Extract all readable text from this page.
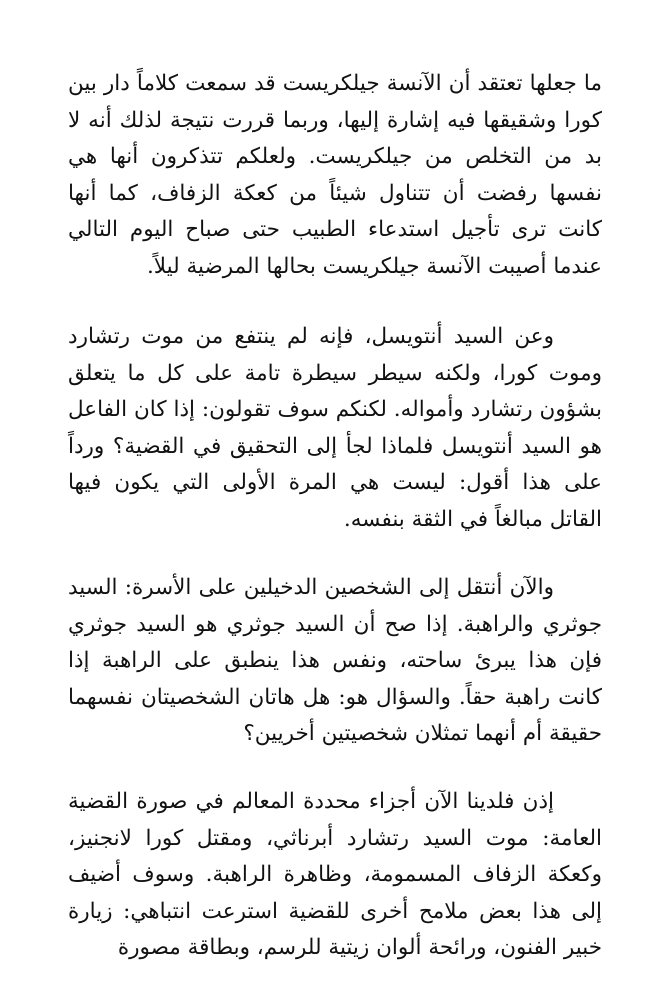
ما جعلها تعتقد أن الآنسة جيلكريست قد سمعت كلاماً دار بين كورا وشقيقها فيه إشارة إليها، وربما قررت نتيجة لذلك أنه لا بد من التخلص من جيلكريست. ولعلكم تتذكرون أنها هي نفسها رفضت أن تتناول شيئاً من كعكة الزفاف، كما أنها كانت ترى تأجيل استدعاء الطبيب حتى صباح اليوم التالي عندما أصيبت الآنسة جيلكريست بحالها المرضية ليلاً.

وعن السيد أنتويسل، فإنه لم ينتفع من موت رتشارد وموت كورا، ولكنه سيطر سيطرة تامة على كل ما يتعلق بشؤون رتشارد وأمواله. لكنكم سوف تقولون: إذا كان الفاعل هو السيد أنتويسل فلماذا لجأ إلى التحقيق في القضية؟ ورداً على هذا أقول: ليست هي المرة الأولى التي يكون فيها القاتل مبالغاً في الثقة بنفسه.

والآن أنتقل إلى الشخصين الدخيلين على الأسرة: السيد جوثري والراهبة. إذا صح أن السيد جوثري هو السيد جوثري فإن هذا يبرئ ساحته، ونفس هذا ينطبق على الراهبة إذا كانت راهبة حقاً. والسؤال هو: هل هاتان الشخصيتان نفسهما حقيقة أم أنهما تمثلان شخصيتين أخريين؟

إذن فلدينا الآن أجزاء محددة المعالم في صورة القضية العامة: موت السيد رتشارد أبرناثي، ومقتل كورا لانجنيز، وكعكة الزفاف المسمومة، وظاهرة الراهبة. وسوف أضيف إلى هذا بعض ملامح أخرى للقضية استرعت انتباهي: زيارة خبير الفنون، ورائحة ألوان زيتية للرسم، وبطاقة مصورة
